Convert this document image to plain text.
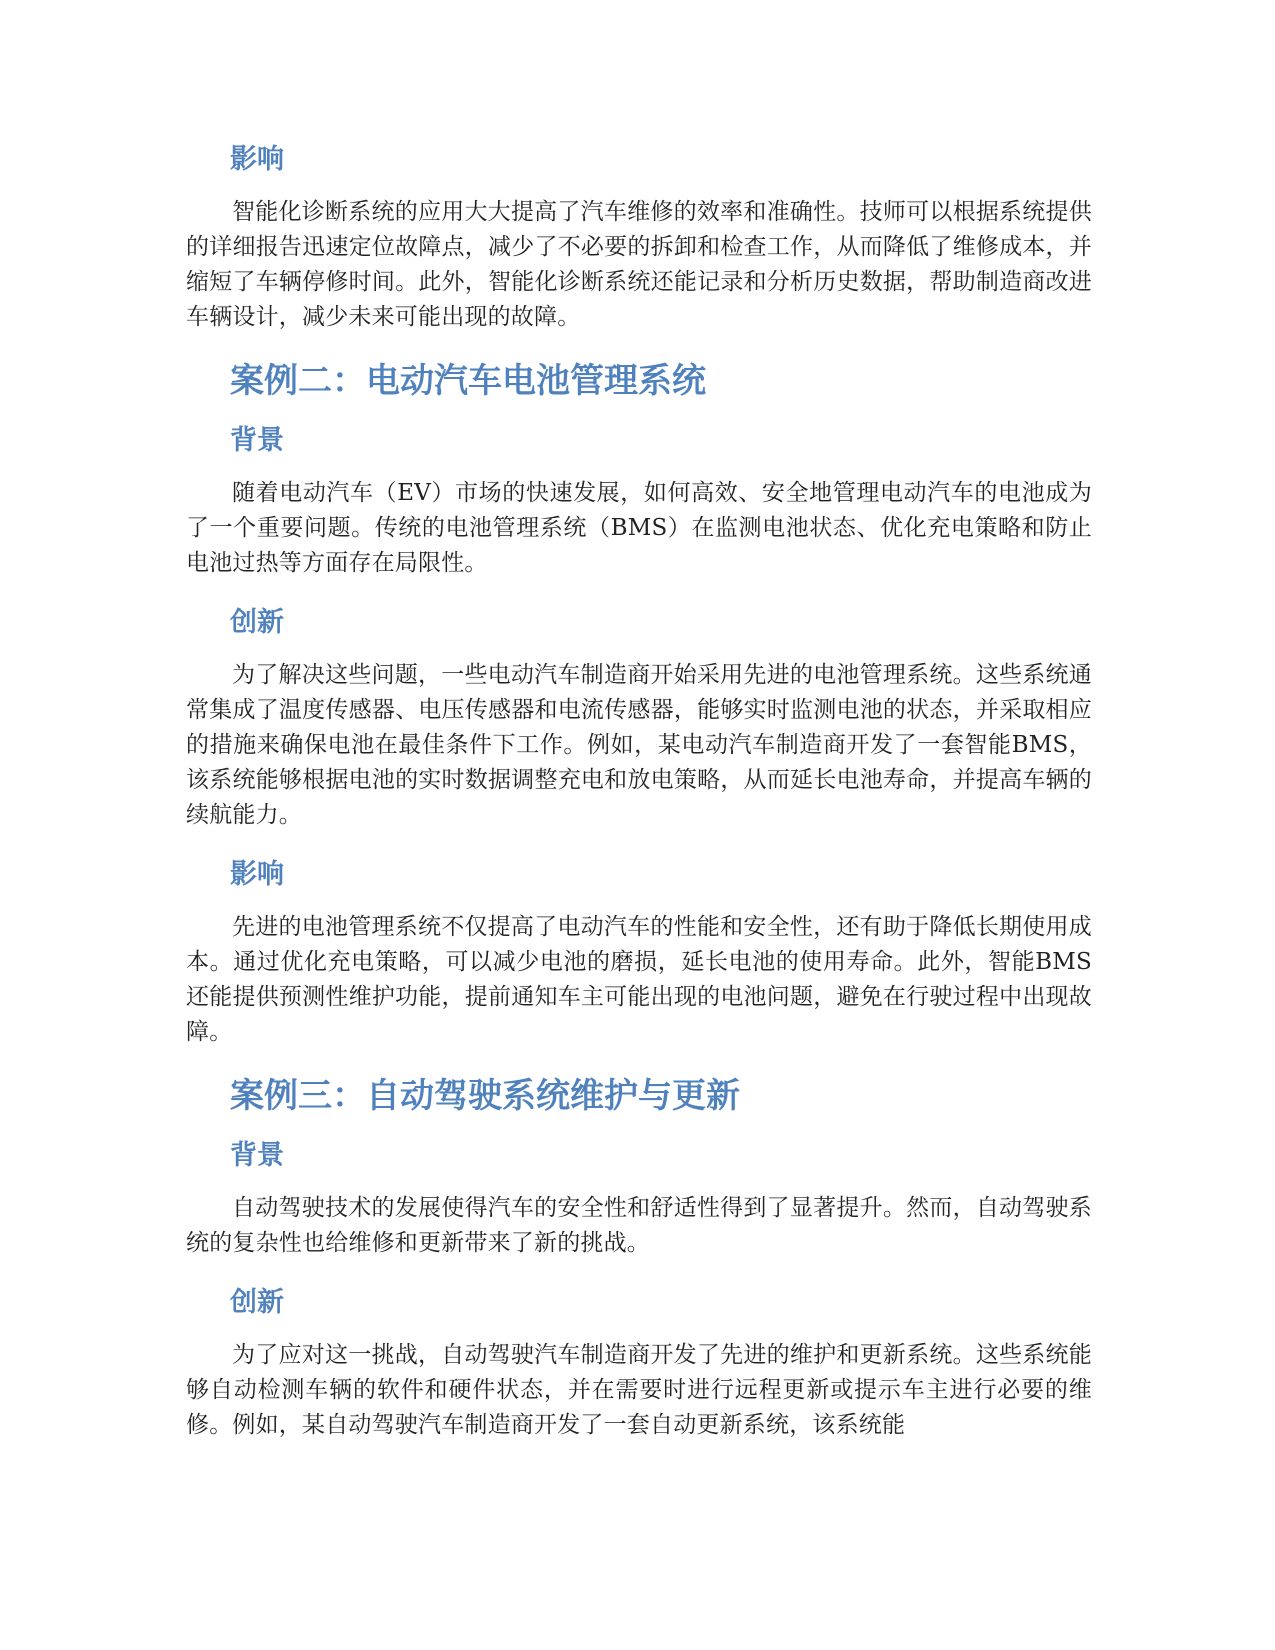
影响

智能化诊断系统的应用大大提高了汽车维修的效率和准确性。技师可以根据系统提供的详细报告迅速定位故障点，减少了不必要的拆卸和检查工作，从而降低了维修成本，并缩短了车辆停修时间。此外，智能化诊断系统还能记录和分析历史数据，帮助制造商改进车辆设计，减少未来可能出现的故障。

案例二：电动汽车电池管理系统
背景

随着电动汽车（EV）市场的快速发展，如何高效、安全地管理电动汽车的电池成为了一个重要问题。传统的电池管理系统（BMS）在监测电池状态、优化充电策略和防止电池过热等方面存在局限性。

创新

为了解决这些问题，一些电动汽车制造商开始采用先进的电池管理系统。这些系统通常集成了温度传感器、电压传感器和电流传感器，能够实时监测电池的状态，并采取相应的措施来确保电池在最佳条件下工作。例如，某电动汽车制造商开发了一套智能BMS，该系统能够根据电池的实时数据调整充电和放电策略，从而延长电池寿命，并提高车辆的续航能力。

影响

先进的电池管理系统不仅提高了电动汽车的性能和安全性，还有助于降低长期使用成本。通过优化充电策略，可以减少电池的磨损，延长电池的使用寿命。此外，智能BMS还能提供预测性维护功能，提前通知车主可能出现的电池问题，避免在行驶过程中出现故障。

案例三：自动驾驶系统维护与更新
背景

自动驾驶技术的发展使得汽车的安全性和舒适性得到了显著提升。然而，自动驾驶系统的复杂性也给维修和更新带来了新的挑战。

创新

为了应对这一挑战，自动驾驶汽车制造商开发了先进的维护和更新系统。这些系统能够自动检测车辆的软件和硬件状态，并在需要时进行远程更新或提示车主进行必要的维修。例如，某自动驾驶汽车制造商开发了一套自动更新系统，该系统能
